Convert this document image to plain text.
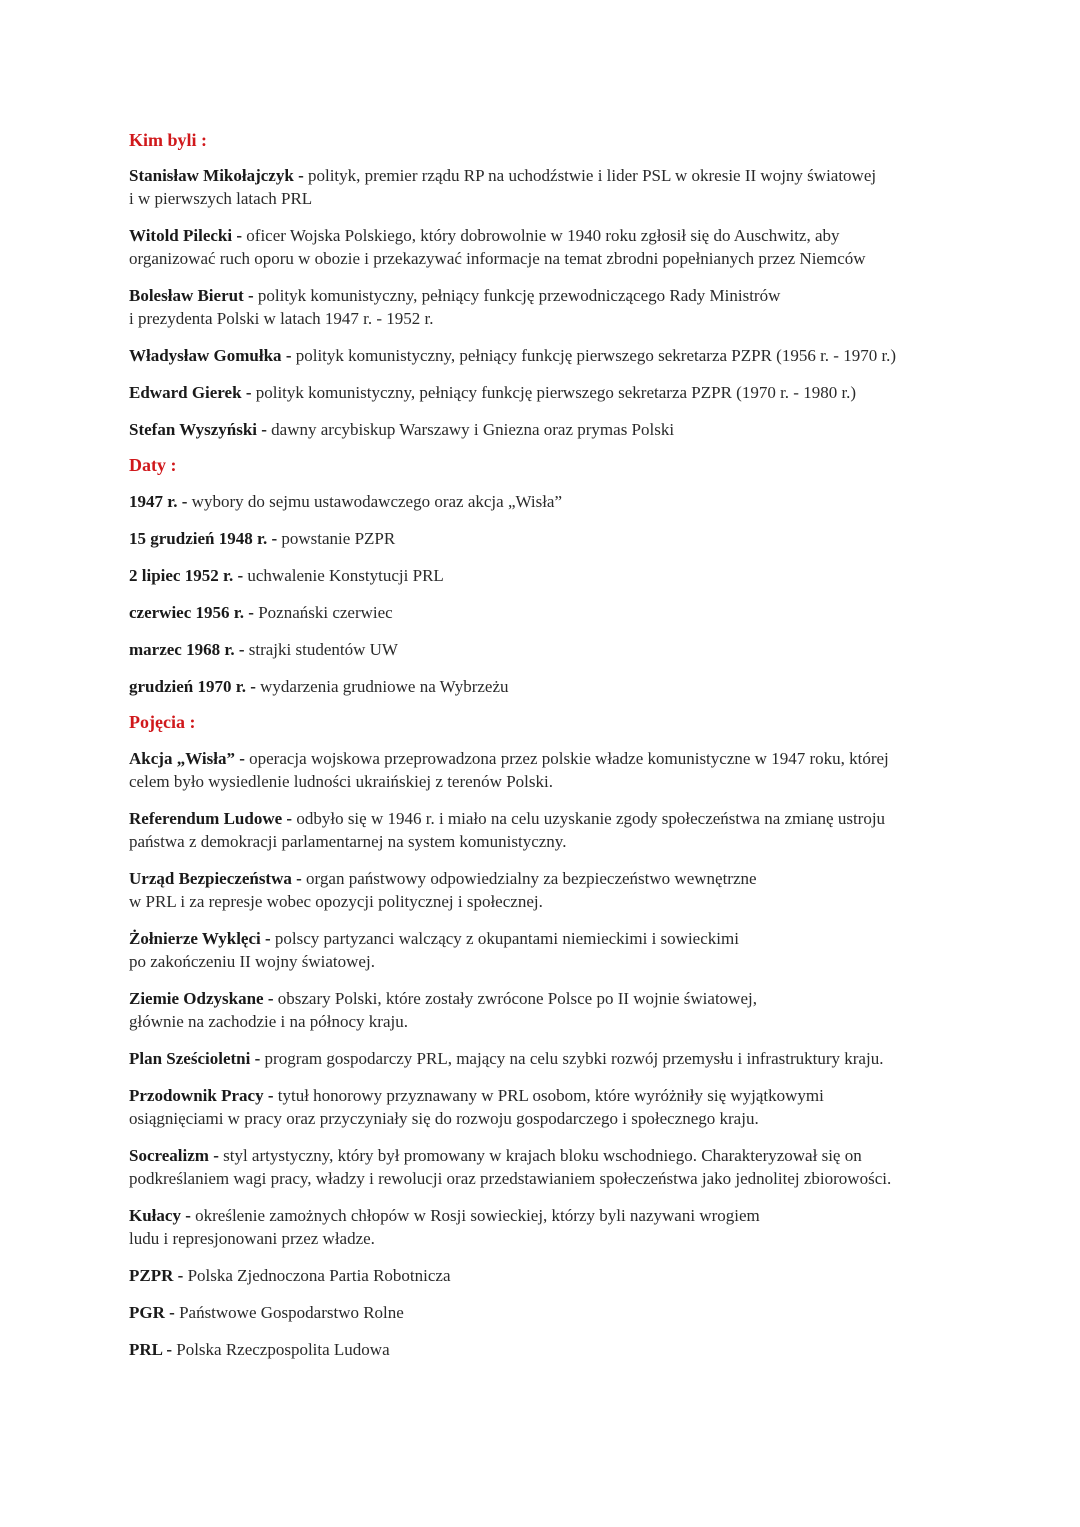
Kim byli :

Stanisław Mikołajczyk - polityk, premier rządu RP na uchodźstwie i lider PSL w okresie II wojny światowej
i w pierwszych latach PRL

Witold Pilecki - oficer Wojska Polskiego, który dobrowolnie w 1940 roku zgłosił się do Auschwitz, aby
organizować ruch oporu w obozie i przekazywać informacje na temat zbrodni popełnianych przez Niemców

Bolesław Bierut - polityk komunistyczny, pełniący funkcję przewodniczącego Rady Ministrów
i prezydenta Polski w latach 1947 r. - 1952 r.

Władysław Gomułka - polityk komunistyczny, pełniący funkcję pierwszego sekretarza PZPR (1956 r. - 1970 r.)

Edward Gierek - polityk komunistyczny, pełniący funkcję pierwszego sekretarza PZPR (1970 r. - 1980 r.)

Stefan Wyszyński - dawny arcybiskup Warszawy i Gniezna oraz prymas Polski

Daty :

1947 r. - wybory do sejmu ustawodawczego oraz akcja „Wisła”

15 grudzień 1948 r. - powstanie PZPR

2 lipiec 1952 r. - uchwalenie Konstytucji PRL

czerwiec 1956 r. - Poznański czerwiec

marzec 1968 r. - strajki studentów UW

grudzień 1970 r. - wydarzenia grudniowe na Wybrzeżu

Pojęcia :

Akcja „Wisła” - operacja wojskowa przeprowadzona przez polskie władze komunistyczne w 1947 roku, której
celem było wysiedlenie ludności ukraińskiej z terenów Polski.

Referendum Ludowe - odbyło się w 1946 r. i miało na celu uzyskanie zgody społeczeństwa na zmianę ustroju
państwa z demokracji parlamentarnej na system komunistyczny.

Urząd Bezpieczeństwa - organ państwowy odpowiedzialny za bezpieczeństwo wewnętrzne
w PRL i za represje wobec opozycji politycznej i społecznej.

Żołnierze Wyklęci - polscy partyzanci walczący z okupantami niemieckimi i sowieckimi
po zakończeniu II wojny światowej.

Ziemie Odzyskane - obszary Polski, które zostały zwrócone Polsce po II wojnie światowej,
głównie na zachodzie i na północy kraju.

Plan Sześcioletni - program gospodarczy PRL, mający na celu szybki rozwój przemysłu i infrastruktury kraju.

Przodownik Pracy - tytuł honorowy przyznawany w PRL osobom, które wyróżniły się wyjątkowymi
osiągnięciami w pracy oraz przyczyniały się do rozwoju gospodarczego i społecznego kraju.

Socrealizm - styl artystyczny, który był promowany w krajach bloku wschodniego. Charakteryzował się on
podkreślaniem wagi pracy, władzy i rewolucji oraz przedstawianiem społeczeństwa jako jednolitej zbiorowości.

Kułacy - określenie zamożnych chłopów w Rosji sowieckiej, którzy byli nazywani wrogiem
ludu i represjonowani przez władze.

PZPR - Polska Zjednoczona Partia Robotnicza

PGR - Państwowe Gospodarstwo Rolne

PRL - Polska Rzeczpospolita Ludowa
